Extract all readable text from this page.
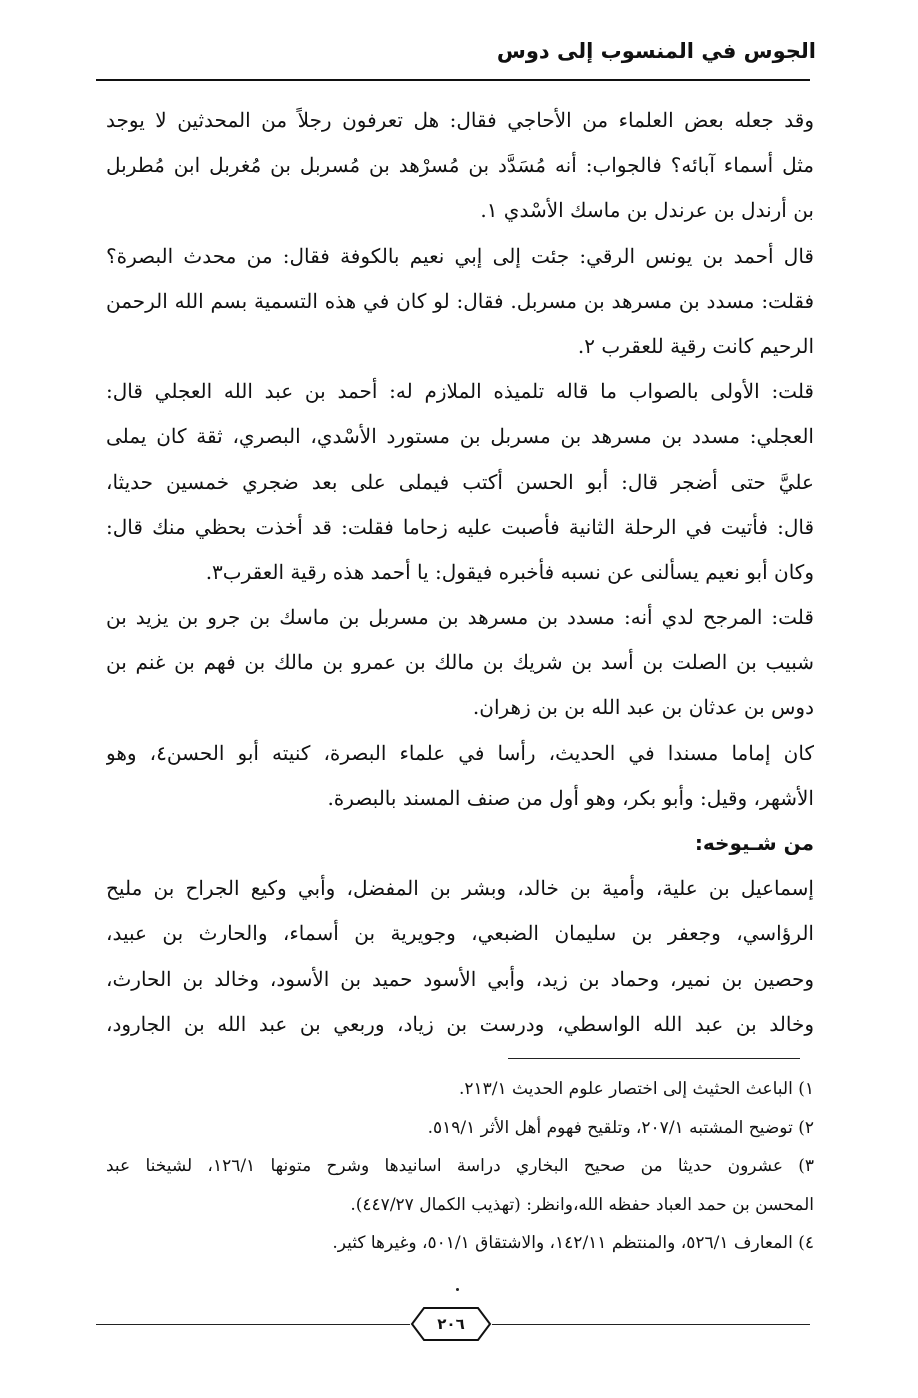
الجوس في المنسوب إلى دوس
وقد جعله بعض العلماء من الأحاجي فقال: هل تعرفون رجلاً من المحدثين لا يوجد
مثل أسماء آبائه؟ فالجواب: أنه مُسَدَّد بن مُسرْهد بن مُسربل بن مُغربل ابن مُطربل
بن أرندل بن عرندل بن ماسك الأسْدي ١.
قال أحمد بن يونس الرقي: جئت إلى إبي نعيم بالكوفة فقال: من محدث البصرة؟
فقلت: مسدد بن مسرهد بن مسربل. فقال: لو كان في هذه التسمية بسم الله الرحمن
الرحيم كانت رقية للعقرب ٢.
قلت: الأولى بالصواب ما قاله تلميذه الملازم له: أحمد بن عبد الله العجلي قال:
العجلي: مسدد بن مسرهد بن مسربل بن مستورد الأسْدي، البصري، ثقة كان يملى
عليَّ حتى أضجر قال: أبو الحسن أكتب فيملى على بعد ضجري خمسين حديثا،
قال: فأتيت في الرحلة الثانية فأصبت عليه زحاما فقلت: قد أخذت بحظي منك قال:
وكان أبو نعيم يسألنى عن نسبه فأخبره فيقول: يا أحمد هذه رقية العقرب٣.
قلت: المرجح لدي أنه: مسدد بن مسرهد بن مسربل بن ماسك بن جرو بن يزيد بن
شبيب بن الصلت بن أسد بن شريك بن مالك بن عمرو بن مالك بن فهم بن غنم بن
دوس بن عدثان بن عبد الله بن بن زهران.
كان إماما مسندا في الحديث، رأسا في علماء البصرة، كنيته أبو الحسن٤، وهو
الأشهر، وقيل: وأبو بكر، وهو أول من صنف المسند بالبصرة.
من شـيوخه:
إسماعيل بن علية، وأمية بن خالد، وبشر بن المفضل، وأبي وكيع الجراح بن مليح
الرؤاسي، وجعفر بن سليمان الضبعي، وجويرية بن أسماء، والحارث بن عبيد،
وحصين بن نمير، وحماد بن زيد، وأبي الأسود حميد بن الأسود، وخالد بن الحارث،
وخالد بن عبد الله الواسطي، ودرست بن زياد، وربعي بن عبد الله بن الجارود،
١) الباعث الحثيث إلى اختصار علوم الحديث ٢١٣/١.
٢) توضيح المشتبه ٢٠٧/١، وتلقيح فهوم أهل الأثر ٥١٩/١.
٣) عشرون حديثا من صحيح البخاري دراسة اسانيدها وشرح متونها ١٢٦/١، لشيخنا عبد
المحسن بن حمد العباد حفظه الله،وانظر: (تهذيب الكمال ٤٤٧/٢٧).
٤) المعارف ٥٢٦/١، والمنتظم ١٤٢/١١، والاشتقاق ٥٠١/١، وغيرها كثير.
٢٠٦
